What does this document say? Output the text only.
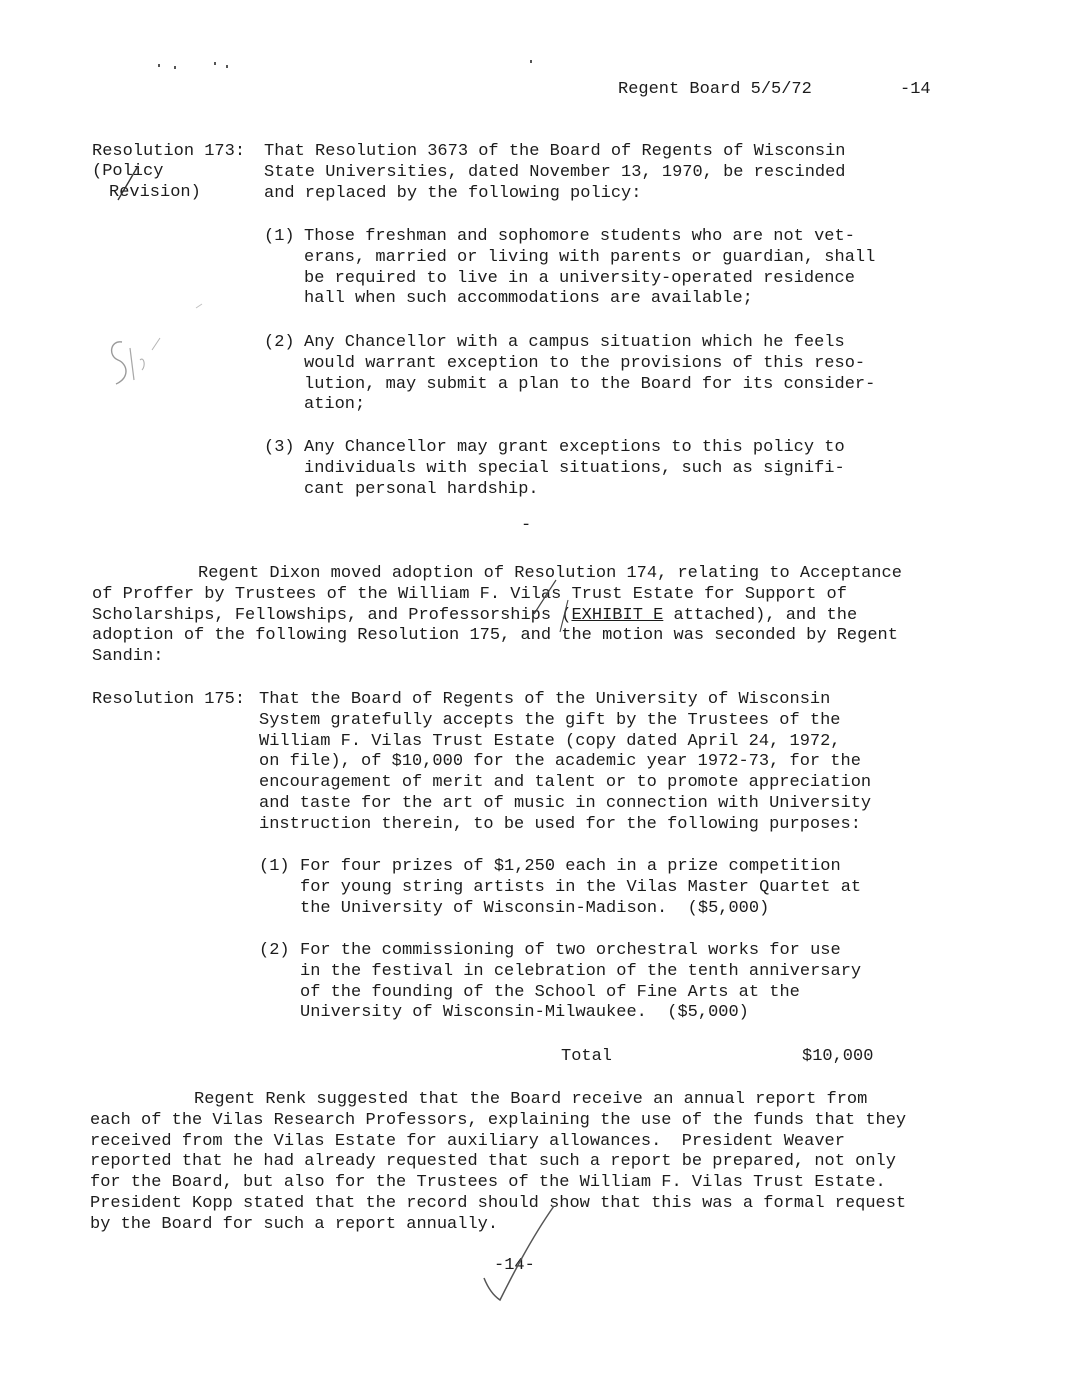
Regent Board 5/5/72	-14
Resolution 173:
(Policy
Revision)
That Resolution 3673 of the Board of Regents of Wisconsin
State Universities, dated November 13, 1970, be rescinded
and replaced by the following policy:
(1) Those freshman and sophomore students who are not vet-
erans, married or living with parents or guardian, shall
be required to live in a university-operated residence
hall when such accommodations are available;
(2) Any Chancellor with a campus situation which he feels
would warrant exception to the provisions of this reso-
lution, may submit a plan to the Board for its consider-
ation;
(3) Any Chancellor may grant exceptions to this policy to
individuals with special situations, such as signifi-
cant personal hardship.
-
Regent Dixon moved adoption of Resolution 174, relating to Acceptance
of Proffer by Trustees of the William F. Vilas Trust Estate for Support of
Scholarships, Fellowships, and Professorships (EXHIBIT E attached), and the
adoption of the following Resolution 175, and the motion was seconded by Regent
Sandin:
Resolution 175: That the Board of Regents of the University of Wisconsin
System gratefully accepts the gift by the Trustees of the
William F. Vilas Trust Estate (copy dated April 24, 1972,
on file), of $10,000 for the academic year 1972-73, for the
encouragement of merit and talent or to promote appreciation
and taste for the art of music in connection with University
instruction therein, to be used for the following purposes:
(1) For four prizes of $1,250 each in a prize competition
for young string artists in the Vilas Master Quartet at
the University of Wisconsin-Madison.  ($5,000)
(2) For the commissioning of two orchestral works for use
in the festival in celebration of the tenth anniversary
of the founding of the School of Fine Arts at the
University of Wisconsin-Milwaukee.  ($5,000)
Total	$10,000
Regent Renk suggested that the Board receive an annual report from
each of the Vilas Research Professors, explaining the use of the funds that they
received from the Vilas Estate for auxiliary allowances.  President Weaver
reported that he had already requested that such a report be prepared, not only
for the Board, but also for the Trustees of the William F. Vilas Trust Estate.
President Kopp stated that the record should show that this was a formal request
by the Board for such a report annually.
-14-
